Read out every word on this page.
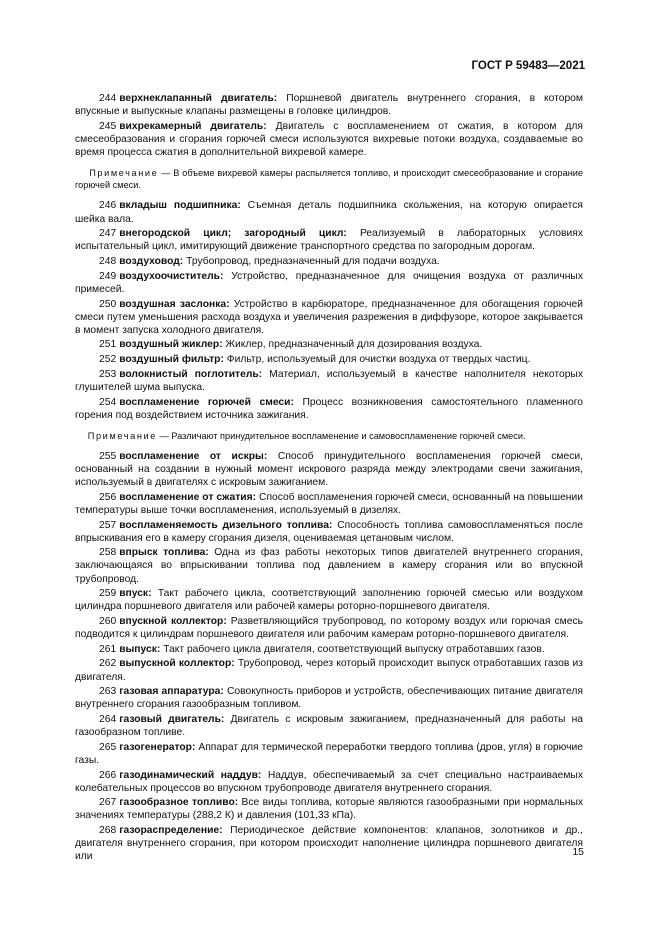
ГОСТ Р 59483—2021

244 верхнеклапанный двигатель: Поршневой двигатель внутреннего сгорания, в котором впускные и выпускные клапаны размещены в головке цилиндров.

245 вихрекамерный двигатель: Двигатель с воспламенением от сжатия, в котором для смесеобразования и сгорания горючей смеси используются вихревые потоки воздуха, создаваемые во время процесса сжатия в дополнительной вихревой камере.

Примечание — В объеме вихревой камеры распыляется топливо, и происходит смесеобразование и сгорание горючей смеси.

246 вкладыш подшипника: Съемная деталь подшипника скольжения, на которую опирается шейка вала.

247 внегородской цикл; загородный цикл: Реализуемый в лабораторных условиях испытательный цикл, имитирующий движение транспортного средства по загородным дорогам.

248 воздуховод: Трубопровод, предназначенный для подачи воздуха.

249 воздухоочиститель: Устройство, предназначенное для очищения воздуха от различных примесей.

250 воздушная заслонка: Устройство в карбюраторе, предназначенное для обогащения горючей смеси путем уменьшения расхода воздуха и увеличения разрежения в диффузоре, которое закрывается в момент запуска холодного двигателя.

251 воздушный жиклер: Жиклер, предназначенный для дозирования воздуха.

252 воздушный фильтр: Фильтр, используемый для очистки воздуха от твердых частиц.

253 волокнистый поглотитель: Материал, используемый в качестве наполнителя некоторых глушителей шума выпуска.

254 воспламенение горючей смеси: Процесс возникновения самостоятельного пламенного горения под воздействием источника зажигания.

Примечание — Различают принудительное воспламенение и самовоспламенение горючей смеси.

255 воспламенение от искры: Способ принудительного воспламенения горючей смеси, основанный на создании в нужный момент искрового разряда между электродами свечи зажигания, используемый в двигателях с искровым зажиганием.

256 воспламенение от сжатия: Способ воспламенения горючей смеси, основанный на повышении температуры выше точки воспламенения, используемый в дизелях.

257 воспламеняемость дизельного топлива: Способность топлива самовоспламеняться после впрыскивания его в камеру сгорания дизеля, оцениваемая цетановым числом.

258 впрыск топлива: Одна из фаз работы некоторых типов двигателей внутреннего сгорания, заключающаяся во впрыскивании топлива под давлением в камеру сгорания или во впускной трубопровод.

259 впуск: Такт рабочего цикла, соответствующий заполнению горючей смесью или воздухом цилиндра поршневого двигателя или рабочей камеры роторно-поршневого двигателя.

260 впускной коллектор: Разветвляющийся трубопровод, по которому воздух или горючая смесь подводится к цилиндрам поршневого двигателя или рабочим камерам роторно-поршневого двигателя.

261 выпуск: Такт рабочего цикла двигателя, соответствующий выпуску отработавших газов.

262 выпускной коллектор: Трубопровод, через который происходит выпуск отработавших газов из двигателя.

263 газовая аппаратура: Совокупность приборов и устройств, обеспечивающих питание двигателя внутреннего сгорания газообразным топливом.

264 газовый двигатель: Двигатель с искровым зажиганием, предназначенный для работы на газообразном топливе.

265 газогенератор: Аппарат для термической переработки твердого топлива (дров, угля) в горючие газы.

266 газодинамический наддув: Наддув, обеспечиваемый за счет специально настраиваемых колебательных процессов во впускном трубопроводе двигателя внутреннего сгорания.

267 газообразное топливо: Все виды топлива, которые являются газообразными при нормальных значениях температуры (288,2 К) и давления (101,33 кПа).

268 газораспределение: Периодическое действие компонентов: клапанов, золотников и др., двигателя внутреннего сгорания, при котором происходит наполнение цилиндра поршневого двигателя или	15
